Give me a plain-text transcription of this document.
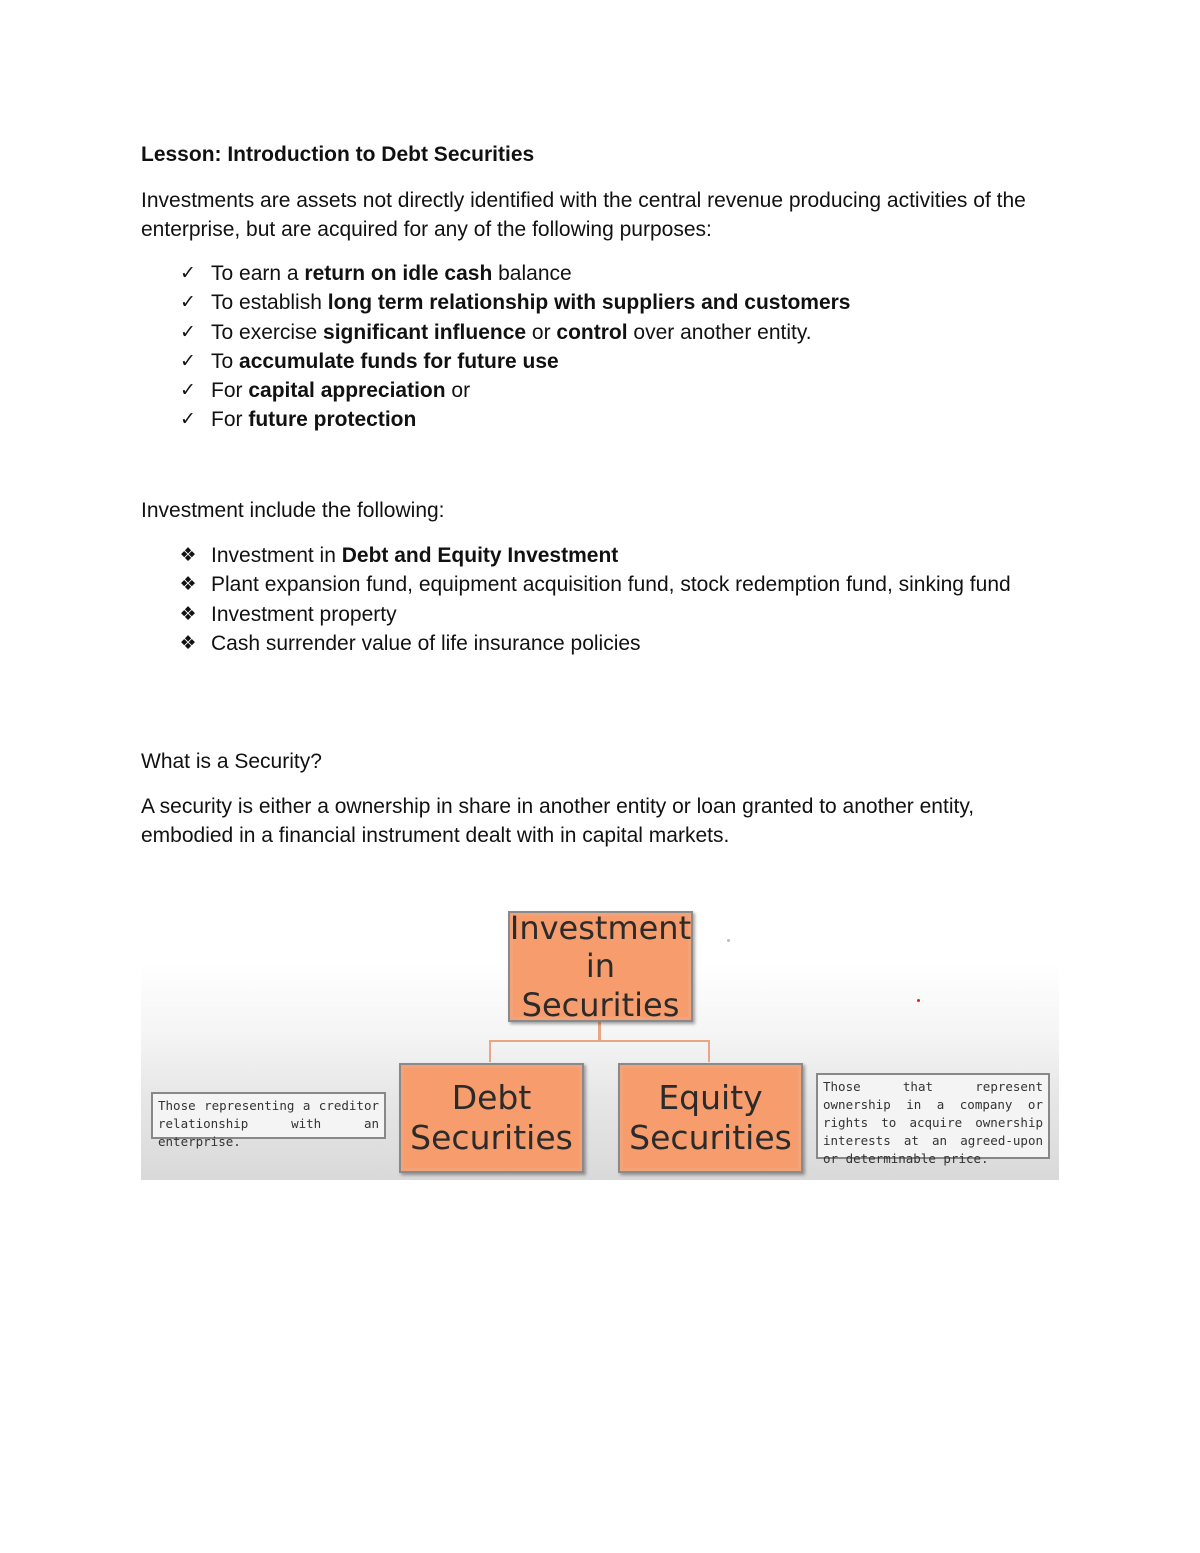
Lesson: Introduction to Debt Securities

Investments are assets not directly identified with the central revenue producing activities of the enterprise, but are acquired for any of the following purposes:

✓ To earn a return on idle cash balance
✓ To establish long term relationship with suppliers and customers
✓ To exercise significant influence or control over another entity.
✓ To accumulate funds for future use
✓ For capital appreciation or
✓ For future protection

Investment include the following:

❖ Investment in Debt and Equity Investment
❖ Plant expansion fund, equipment acquisition fund, stock redemption fund, sinking fund
❖ Investment property
❖ Cash surrender value of life insurance policies

What is a Security?

A security is either a ownership in share in another entity or loan granted to another entity, embodied in a financial instrument dealt with in capital markets.

Investment
in Securities
Debt
Securities
Equity
Securities
Those representing a creditor relationship with an enterprise.
Those that represent ownership in a company or rights to acquire ownership interests at an agreed-upon or determinable price.
